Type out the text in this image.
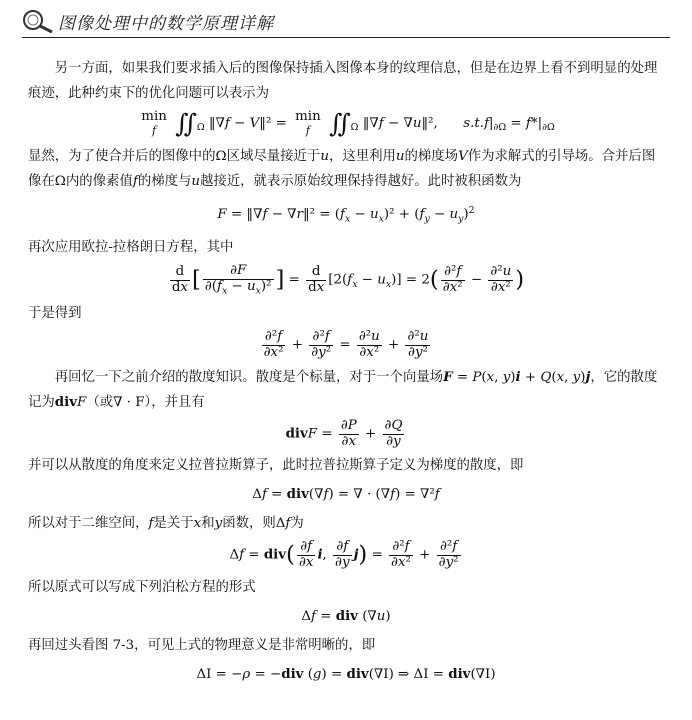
图像处理中的数学原理详解

另一方面，如果我们要求插入后的图像保持插入图像本身的纹理信息，但是在边界上看不到明显的处理痕迹，此种约束下的优化问题可以表示为

min
f $∬_\Omega$ ‖∇f − V‖² = min
f $∬_\Omega$ ‖∇f − ∇u‖²,      $s.t.f|_{\partial\Omega} = f*|_{\partial\Omega}$

显然，为了使合并后的图像中的Ω区域尽量接近于u，这里利用u的梯度场V作为求解式的引导场。合并后图像在Ω内的像素值f的梯度与u越接近，就表示原始纹理保持得越好。此时被积函数为

F = ‖∇f − ∇r‖² = $(f_x - u_x)^2 + (f_y - u_y)^2$

再次应用欧拉-拉格朗日方程，其中

$\frac{d}{dx}$ [ $\frac{\partial F}{\partial(f_x - u_x)^2}$ ] = $\frac{d}{dx} [2(f_x - u_x)] = 2( \frac{\text{∂²f}}{\text{∂x²}} - \frac{\text{∂²u}}{\text{∂x²}}$ )

于是得到

$\frac{\text{∂²f}}{\text{∂x²}} + \frac{\text{∂²f}}{\text{∂y²}} = \frac{\text{∂²u}}{\text{∂x²}} + \frac{\text{∂²u}}{\text{∂y²}}$

再回忆一下之前介绍的散度知识。散度是个标量，对于一个向量场F = P(x, y)i + Q(x, y)j，它的散度记为divF（或∇ · F），并且有

divF = $\frac{\partial P}{\partial x} + \frac{\partial Q}{\partial y}$

并可以从散度的角度来定义拉普拉斯算子，此时拉普拉斯算子定义为梯度的散度，即

Δf = div(∇f) = ∇ · (∇f) = ∇²f

所以对于二维空间，f是关于x和y函数，则Δf为

$\Delta f = div( \frac{\partial f}{\partial x} i$, $\frac{\partial f}{\partial y} j) = \frac{\text{∂²f}}{\text{∂x²}} + \frac{\text{∂²f}}{\text{∂y²}}$

所以原式可以写成下列泊松方程的形式

Δf = div (∇u)

再回过头看图 7-3，可见上式的物理意义是非常明晰的，即

ΔI = −ρ = −div (g) = div(∇I) ⇒ ΔI = div(∇I)
